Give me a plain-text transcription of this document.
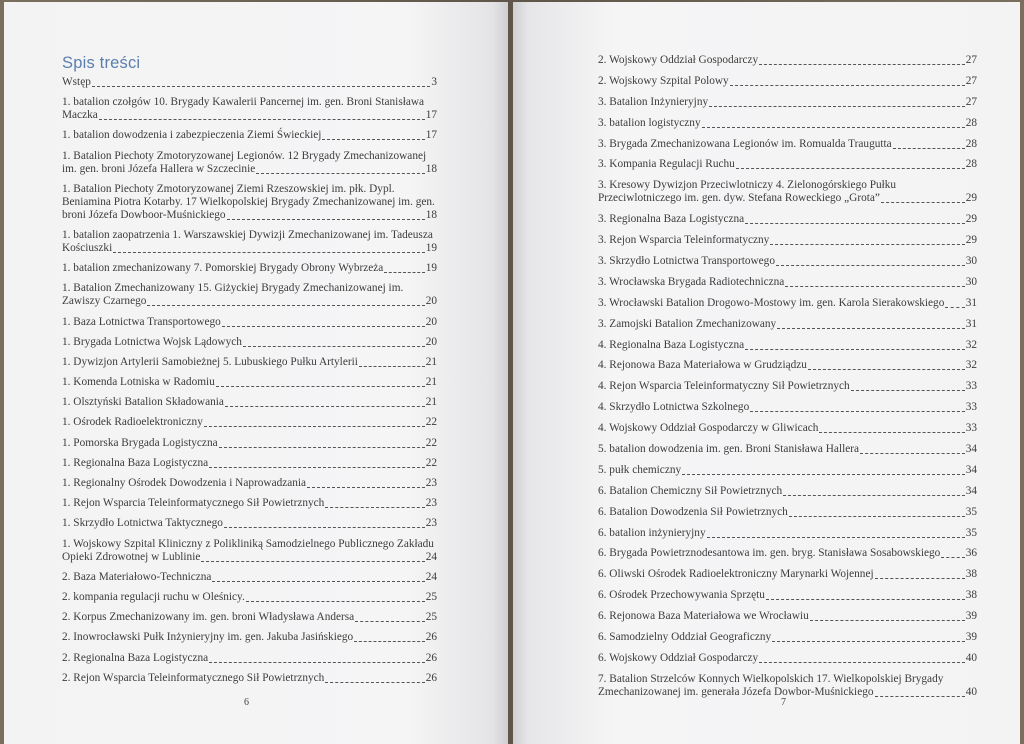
Spis treści
Wstęp	3
1. batalion czołgów 10. Brygady Kawalerii Pancernej im. gen. Broni Stanisława
Maczka	17
1. batalion dowodzenia i zabezpieczenia Ziemi Świeckiej	17
1. Batalion Piechoty Zmotoryzowanej Legionów. 12 Brygady Zmechanizowanej
im. gen. broni Józefa Hallera w Szczecinie	18
1. Batalion Piechoty Zmotoryzowanej Ziemi Rzeszowskiej im. płk. Dypl.
Beniamina Piotra Kotarby. 17 Wielkopolskiej Brygady Zmechanizowanej im. gen.
broni Józefa Dowboor-Muśnickiego	18
1. batalion zaopatrzenia 1. Warszawskiej Dywizji Zmechanizowanej im. Tadeusza
Kościuszki	19
1. batalion zmechanizowany 7. Pomorskiej Brygady Obrony Wybrzeża	19
1. Batalion Zmechanizowany 15. Giżyckiej Brygady Zmechanizowanej im.
Zawiszy Czarnego	20
1. Baza Lotnictwa Transportowego	20
1. Brygada Lotnictwa Wojsk Lądowych	20
1. Dywizjon Artylerii Samobieżnej 5. Lubuskiego Pułku Artylerii	21
1. Komenda Lotniska w Radomiu	21
1. Olsztyński Batalion Składowania	21
1. Ośrodek Radioelektroniczny	22
1. Pomorska Brygada Logistyczna	22
1. Regionalna Baza Logistyczna	22
1. Regionalny Ośrodek Dowodzenia i Naprowadzania	23
1. Rejon Wsparcia Teleinformatycznego Sił Powietrznych	23
1. Skrzydło Lotnictwa Taktycznego	23
1. Wojskowy Szpital Kliniczny z Polikliniką Samodzielnego Publicznego Zakładu
Opieki Zdrowotnej w Lublinie	24
2. Baza Materiałowo-Techniczna	24
2. kompania regulacji ruchu w Oleśnicy.	25
2. Korpus Zmechanizowany im. gen. broni Władysława Andersa	25
2. Inowrocławski Pułk Inżynieryjny im. gen. Jakuba Jasińskiego	26
2. Regionalna Baza Logistyczna	26
2. Rejon Wsparcia Teleinformatycznego Sił Powietrznych	26
6
2. Wojskowy Oddział Gospodarczy	27
2. Wojskowy Szpital Polowy	27
3. Batalion Inżynieryjny	27
3. batalion logistyczny	28
3. Brygada Zmechanizowana Legionów im. Romualda Traugutta	28
3. Kompania Regulacji Ruchu	28
3. Kresowy Dywizjon Przeciwlotniczy 4. Zielonogórskiego Pułku
Przeciwlotniczego im. gen. dyw. Stefana Roweckiego „Grota”	29
3. Regionalna Baza Logistyczna	29
3. Rejon Wsparcia Teleinformatyczny	29
3. Skrzydło Lotnictwa Transportowego	30
3. Wrocławska Brygada Radiotechniczna	30
3. Wrocławski Batalion Drogowo-Mostowy im. gen. Karola Sierakowskiego 31
3. Zamojski Batalion Zmechanizowany	31
4. Regionalna Baza Logistyczna	32
4. Rejonowa Baza Materiałowa w Grudziądzu	32
4. Rejon Wsparcia Teleinformatyczny Sił Powietrznych	33
4. Skrzydło Lotnictwa Szkolnego	33
4. Wojskowy Oddział Gospodarczy w Gliwicach	33
5. batalion dowodzenia im. gen. Broni Stanisława Hallera	34
5. pułk chemiczny	34
6. Batalion Chemiczny Sił Powietrznych	34
6. Batalion Dowodzenia Sił Powietrznych	35
6. batalion inżynieryjny	35
6. Brygada Powietrznodesantowa im. gen. bryg. Stanisława Sosabowskiego 36
6. Oliwski Ośrodek Radioelektroniczny Marynarki Wojennej	38
6. Ośrodek Przechowywania Sprzętu	38
6. Rejonowa Baza Materiałowa we Wrocławiu	39
6. Samodzielny Oddział Geograficzny	39
6. Wojskowy Oddział Gospodarczy	40
7. Batalion Strzelców Konnych Wielkopolskich 17. Wielkopolskiej Brygady
Zmechanizowanej im. generała Józefa Dowbor-Muśnickiego	40
7
